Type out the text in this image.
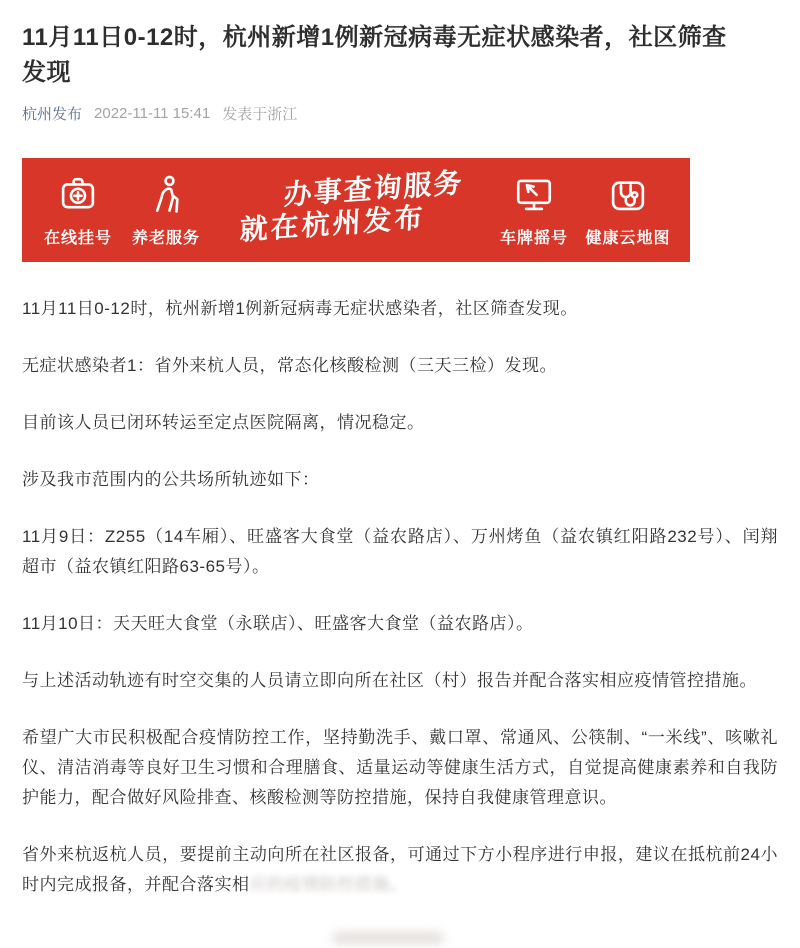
11月11日0-12时，杭州新增1例新冠病毒无症状感染者，社区筛查发现
杭州发布 2022-11-11 15:41 发表于浙江
在线挂号 养老服务
办事查询服务
就在杭州发布	车牌摇号 健康云地图

11月11日0-12时，杭州新增1例新冠病毒无症状感染者，社区筛查发现。

无症状感染者1：省外来杭人员，常态化核酸检测（三天三检）发现。

目前该人员已闭环转运至定点医院隔离，情况稳定。

涉及我市范围内的公共场所轨迹如下：

11月9日：Z255（14车厢）、旺盛客大食堂（益农路店）、万州烤鱼（益农镇红阳路232号）、闰翔超市（益农镇红阳路63-65号）。

11月10日：天天旺大食堂（永联店）、旺盛客大食堂（益农路店）。

与上述活动轨迹有时空交集的人员请立即向所在社区（村）报告并配合落实相应疫情管控措施。

希望广大市民积极配合疫情防控工作，坚持勤洗手、戴口罩、常通风、公筷制、“一米线”、咳嗽礼仪、清洁消毒等良好卫生习惯和合理膳食、适量运动等健康生活方式，自觉提高健康素养和自我防护能力，配合做好风险排查、核酸检测等防控措施，保持自我健康管理意识。

省外来杭返杭人员，要提前主动向所在社区报备，可通过下方小程序进行申报，建议在抵杭前24小时内完成报备，并配合落实相应的疫情防控措施。
